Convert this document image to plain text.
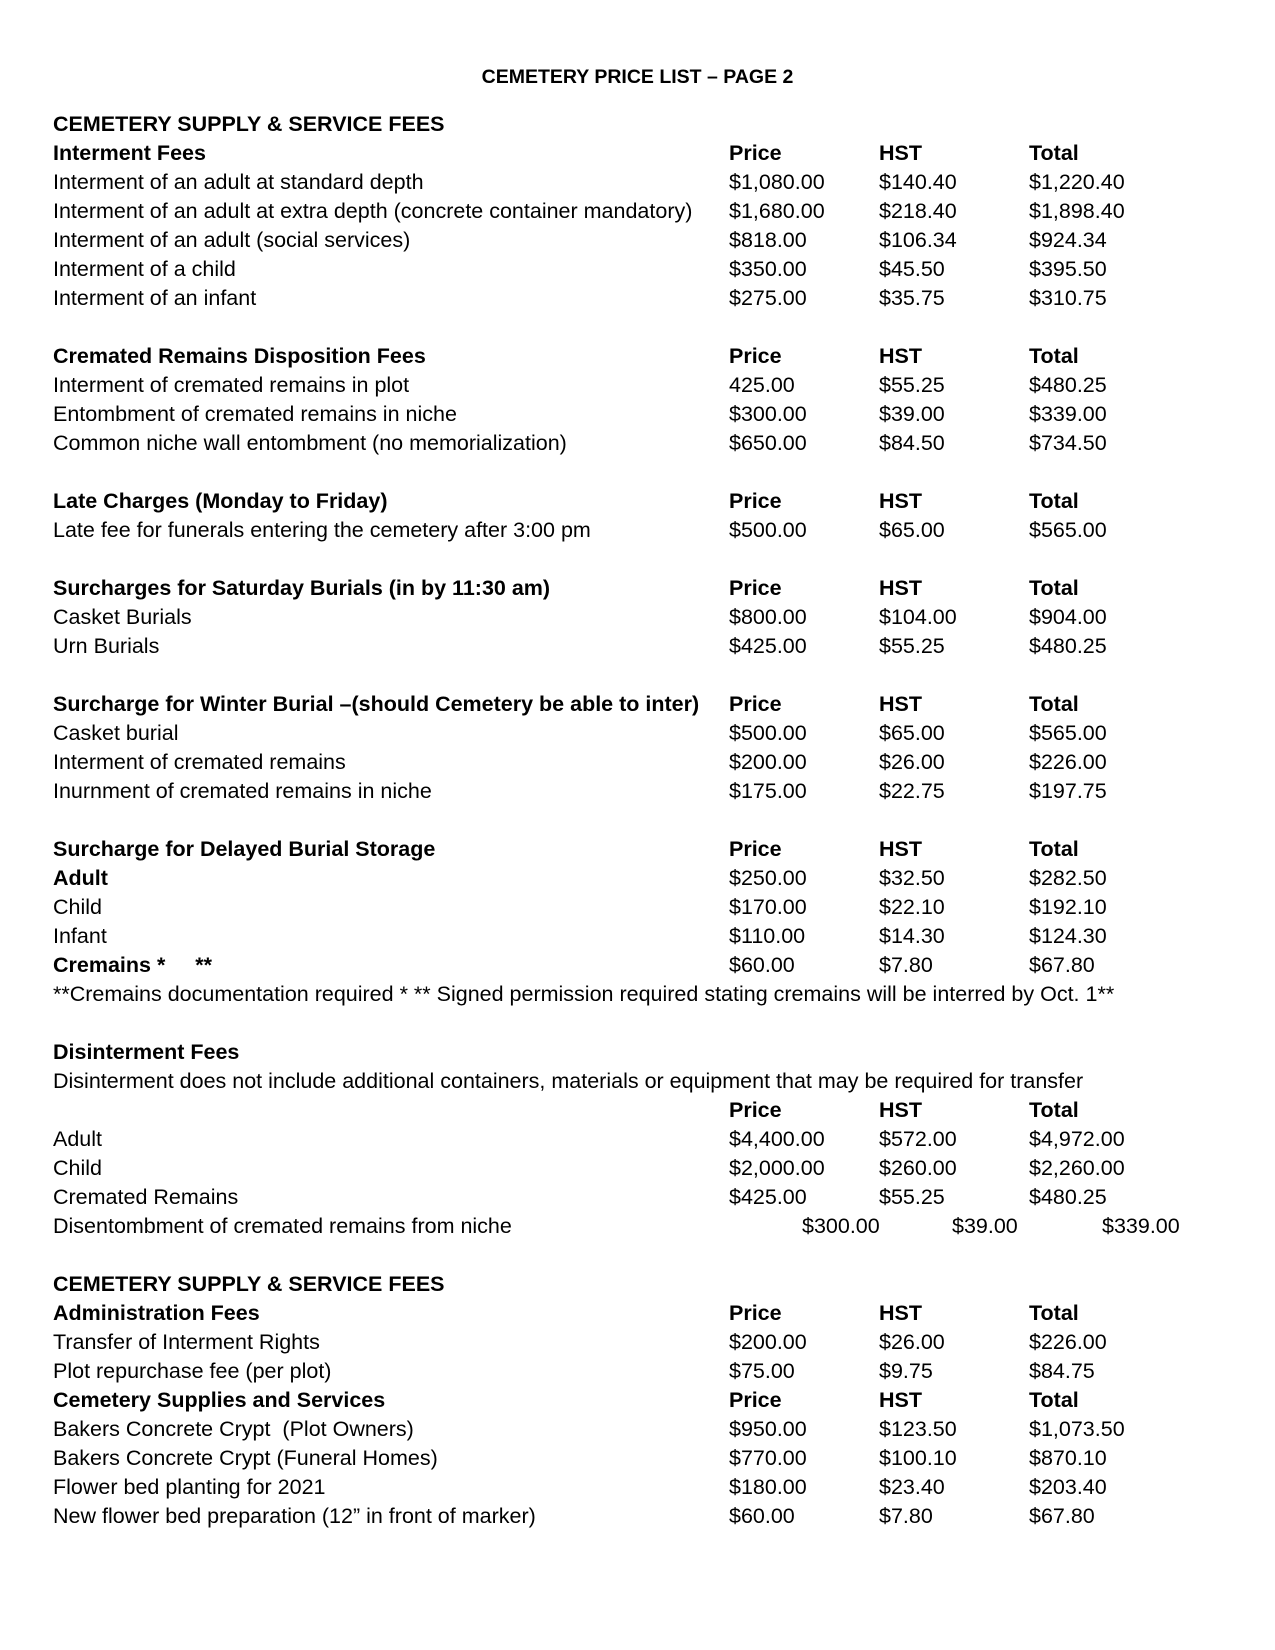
CEMETERY PRICE LIST – PAGE 2
CEMETERY SUPPLY & SERVICE FEES
Interment Fees	Price	HST	Total
Interment of an adult at standard depth	$1,080.00	$140.40	$1,220.40
Interment of an adult at extra depth (concrete container mandatory) $1,680.00	$218.40	$1,898.40
Interment of an adult (social services)	$818.00	$106.34	$924.34
Interment of a child	$350.00	$45.50	$395.50
Interment of an infant	$275.00	$35.75	$310.75
Cremated Remains Disposition Fees	Price	HST	Total
Interment of cremated remains in plot	425.00	$55.25	$480.25
Entombment of cremated remains in niche	$300.00	$39.00	$339.00
Common niche wall entombment (no memorialization)	$650.00	$84.50	$734.50
Late Charges (Monday to Friday)	Price	HST	Total
Late fee for funerals entering the cemetery after 3:00 pm	$500.00	$65.00	$565.00
Surcharges for Saturday Burials (in by 11:30 am)	Price	HST	Total
Casket Burials	$800.00	$104.00	$904.00
Urn Burials	$425.00	$55.25	$480.25
Surcharge for Winter Burial –(should Cemetery be able to inter) Price	HST	Total
Casket burial	$500.00	$65.00	$565.00
Interment of cremated remains	$200.00	$26.00	$226.00
Inurnment of cremated remains in niche	$175.00	$22.75	$197.75
Surcharge for Delayed Burial Storage	Price	HST	Total
Adult	$250.00	$32.50	$282.50
Child	$170.00	$22.10	$192.10
Infant	$110.00	$14.30	$124.30
Cremains *     **	$60.00	$7.80	$67.80
**Cremains documentation required * ** Signed permission required stating cremains will be interred by Oct. 1**
Disinterment Fees
Disinterment does not include additional containers, materials or equipment that may be required for transfer
Price	HST	Total
Adult	$4,400.00	$572.00	$4,972.00
Child	$2,000.00	$260.00	$2,260.00
Cremated Remains	$425.00	$55.25	$480.25
Disentombment of cremated remains from niche	$300.00	$39.00	$339.00
CEMETERY SUPPLY & SERVICE FEES
Administration Fees	Price	HST	Total
Transfer of Interment Rights	$200.00	$26.00	$226.00
Plot repurchase fee (per plot)	$75.00	$9.75	$84.75
Cemetery Supplies and Services	Price	HST	Total
Bakers Concrete Crypt  (Plot Owners)	$950.00	$123.50	$1,073.50
Bakers Concrete Crypt (Funeral Homes)	$770.00	$100.10	$870.10
Flower bed planting for 2021	$180.00	$23.40	$203.40
New flower bed preparation (12” in front of marker)	$60.00	$7.80	$67.80
